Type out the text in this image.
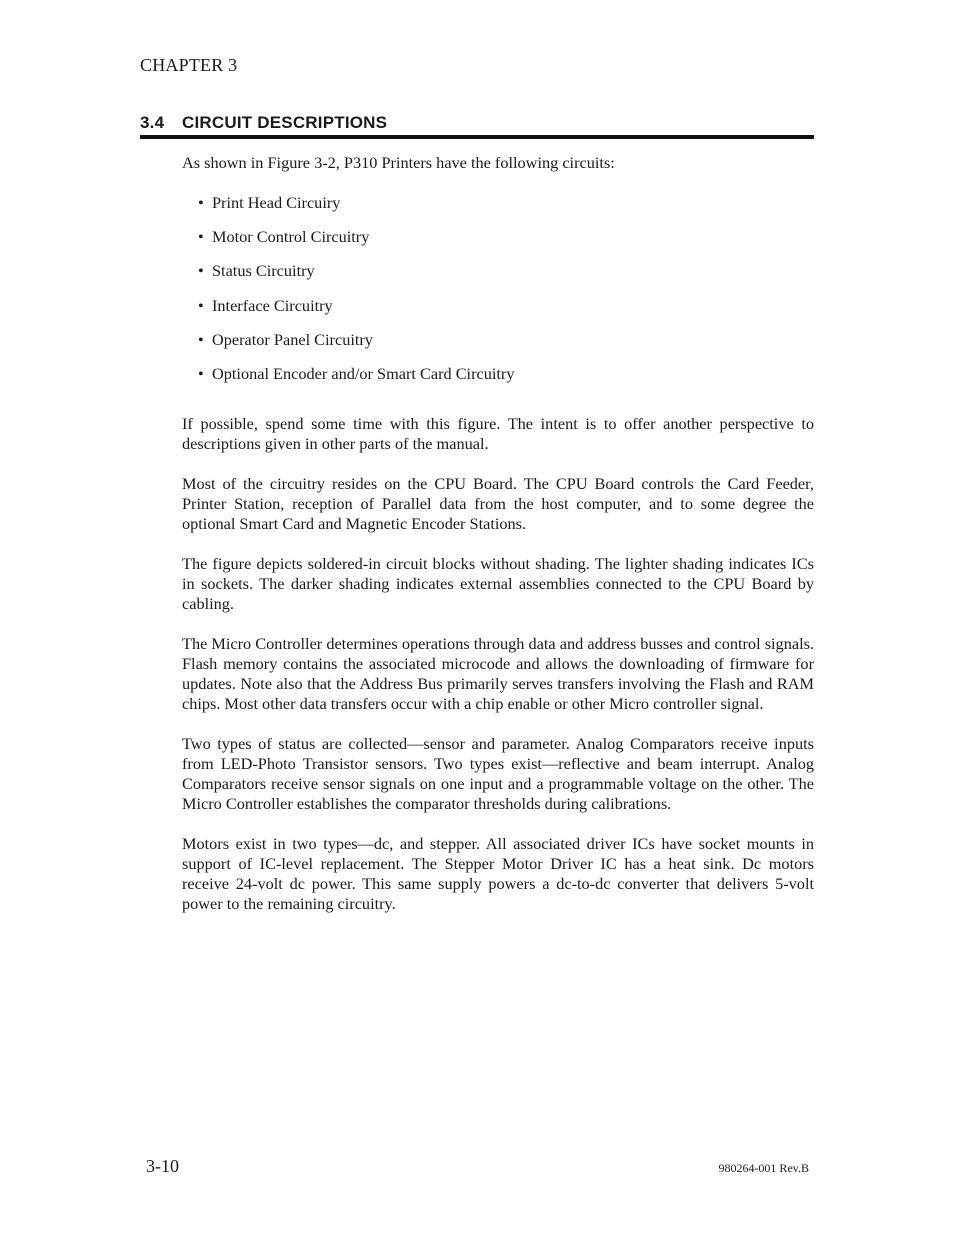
CHAPTER 3
3.4 CIRCUIT DESCRIPTIONS

As shown in Figure 3-2, P310 Printers have the following circuits:

• Print Head Circuiry
• Motor Control Circuitry
• Status Circuitry
• Interface Circuitry
• Operator Panel Circuitry
• Optional Encoder and/or Smart Card Circuitry

If possible, spend some time with this figure. The intent is to offer another perspective to descriptions given in other parts of the manual.

Most of the circuitry resides on the CPU Board. The CPU Board controls the Card Feeder, Printer Station, reception of Parallel data from the host computer, and to some degree the optional Smart Card and Magnetic Encoder Stations.

The figure depicts soldered-in circuit blocks without shading. The lighter shading indicates ICs in sockets. The darker shading indicates external assemblies connected to the CPU Board by cabling.

The Micro Controller determines operations through data and address busses and control signals. Flash memory contains the associated microcode and allows the downloading of firmware for updates. Note also that the Address Bus primarily serves transfers involving the Flash and RAM chips. Most other data transfers occur with a chip enable or other Micro controller signal.

Two types of status are collected—sensor and parameter. Analog Comparators receive inputs from LED-Photo Transistor sensors. Two types exist—reflective and beam interrupt. Analog Comparators receive sensor signals on one input and a programmable voltage on the other. The Micro Controller establishes the comparator thresholds during calibrations.

Motors exist in two types—dc, and stepper. All associated driver ICs have socket mounts in support of IC-level replacement. The Stepper Motor Driver IC has a heat sink. Dc motors receive 24-volt dc power. This same supply powers a dc-to-dc converter that delivers 5-volt power to the remaining circuitry.

3-10	980264-001 Rev.B
